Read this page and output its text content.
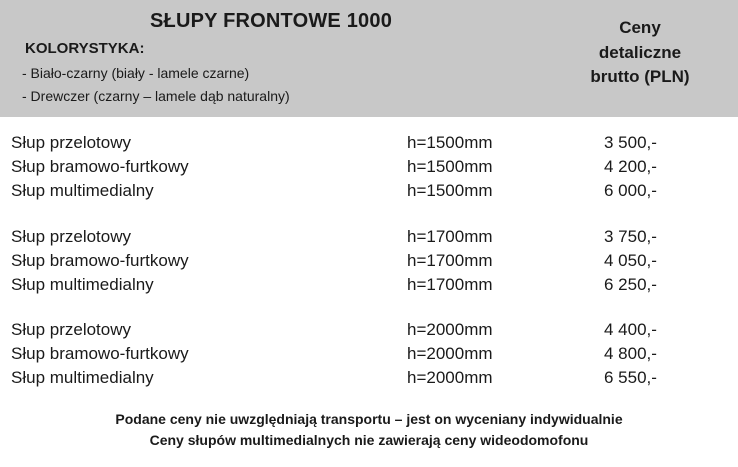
SŁUPY FRONTOWE 1000
KOLORYSTYKA:
- Biało-czarny (biały - lamele czarne)
- Drewczer (czarny – lamele dąb naturalny)
Ceny
detaliczne
brutto (PLN)
Słup przelotowy	h=1500mm	3 500,-
Słup bramowo-furtkowy	h=1500mm	4 200,-
Słup multimedialny	h=1500mm	6 000,-
Słup przelotowy	h=1700mm	3 750,-
Słup bramowo-furtkowy	h=1700mm	4 050,-
Słup multimedialny	h=1700mm	6 250,-
Słup przelotowy	h=2000mm	4 400,-
Słup bramowo-furtkowy	h=2000mm	4 800,-
Słup multimedialny	h=2000mm	6 550,-
Podane ceny nie uwzględniają transportu – jest on wyceniany indywidualnie
Ceny słupów multimedialnych nie zawierają ceny wideodomofonu
